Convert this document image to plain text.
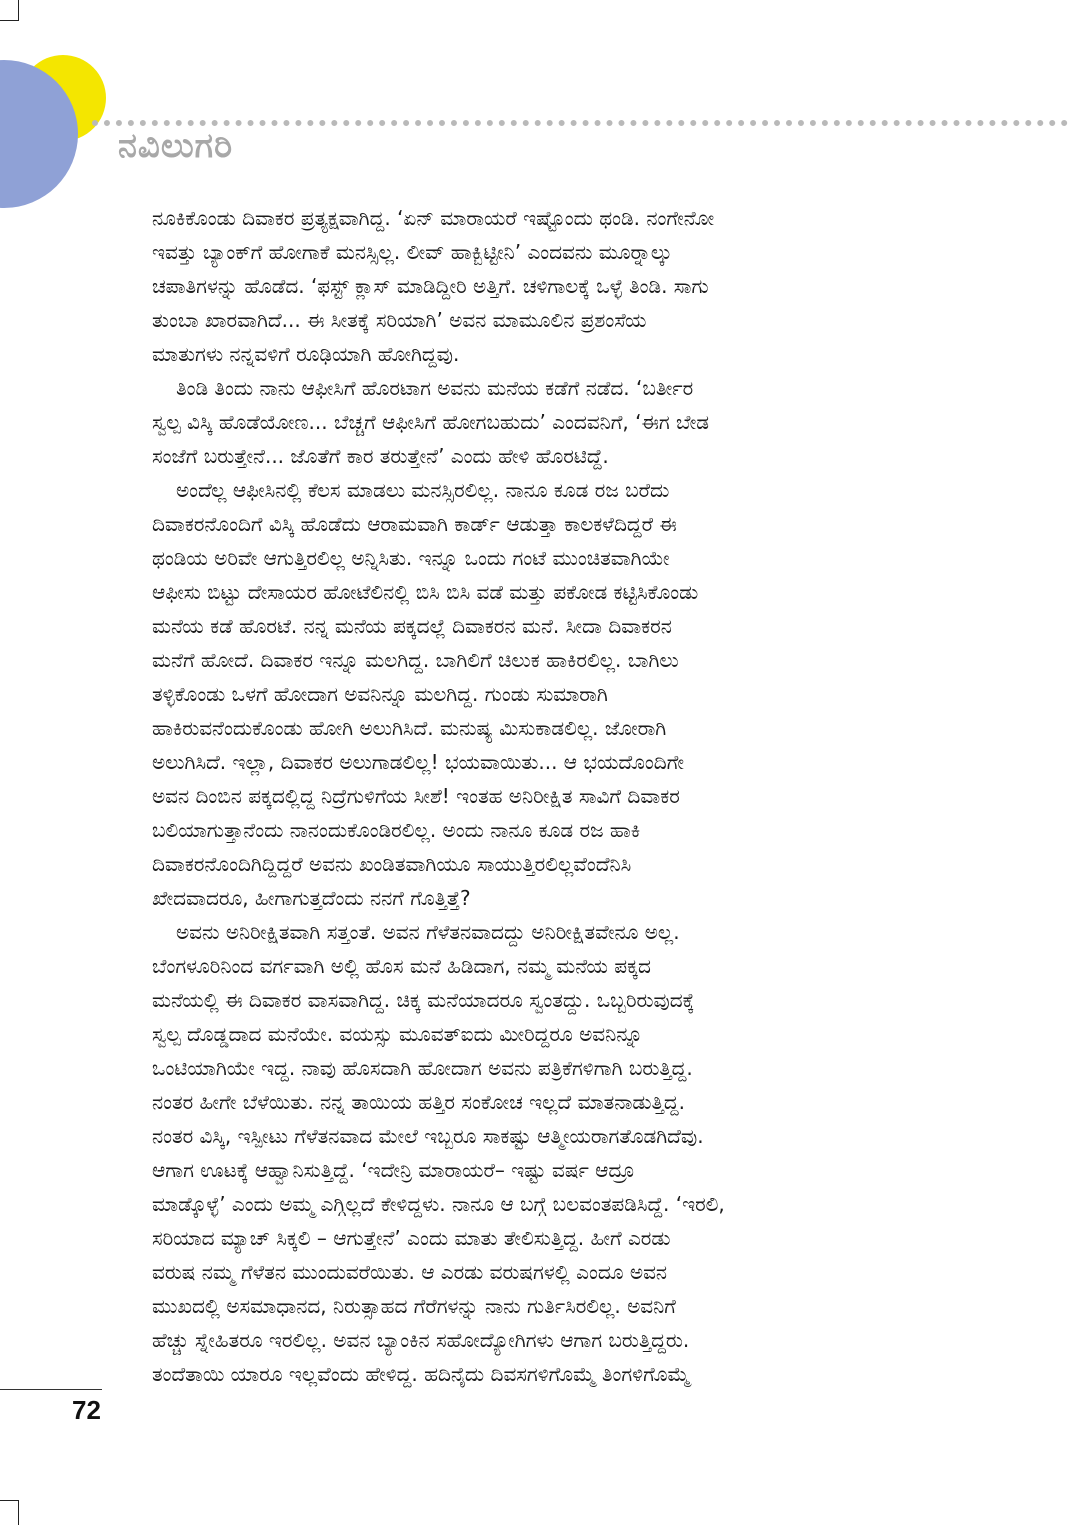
ನವಿಲುಗರಿ
ನೂಕಿಕೊಂಡು ದಿವಾಕರ ಪ್ರತ್ಯಕ್ಷವಾಗಿದ್ದ. ‘ಏನ್ ಮಾರಾಯರೆ ಇಷ್ಟೊಂದು ಥಂಡಿ. ನಂಗೇನೋ
ಇವತ್ತು ಬ್ಯಾಂಕ್‌ಗೆ ಹೋಗಾಕೆ ಮನಸ್ಸಿಲ್ಲ. ಲೀವ್ ಹಾಕ್ಬಿಟ್ಟೀನಿ’ ಎಂದವನು ಮೂರ್‍ನಾಲ್ಕು
ಚಪಾತಿಗಳನ್ನು ಹೊಡೆದ. ‘ಫಸ್ಟ್ ಕ್ಲಾಸ್ ಮಾಡಿದ್ದೀರಿ ಅತ್ತಿಗೆ. ಚಳಿಗಾಲಕ್ಕೆ ಒಳ್ಳೆ ತಿಂಡಿ. ಸಾಗು
ತುಂಬಾ ಖಾರವಾಗಿದೆ... ಈ ಸೀತಕ್ಕೆ ಸರಿಯಾಗಿ’ ಅವನ ಮಾಮೂಲಿನ ಪ್ರಶಂಸೆಯ
ಮಾತುಗಳು ನನ್ನವಳಿಗೆ ರೂಢಿಯಾಗಿ ಹೋಗಿದ್ದವು.
ತಿಂಡಿ ತಿಂದು ನಾನು ಆಫೀಸಿಗೆ ಹೊರಟಾಗ ಅವನು ಮನೆಯ ಕಡೆಗೆ ನಡೆದ. ‘ಬರ್ತೀರ
ಸ್ವಲ್ಪ ವಿಸ್ಕಿ ಹೊಡೆಯೋಣ... ಬೆಚ್ಚಗೆ ಆಫೀಸಿಗೆ ಹೋಗಬಹುದು’ ಎಂದವನಿಗೆ, ‘ಈಗ ಬೇಡ
ಸಂಜೆಗೆ ಬರುತ್ತೇನೆ... ಜೊತೆಗೆ ಕಾರ ತರುತ್ತೇನೆ’ ಎಂದು ಹೇಳಿ ಹೊರಟಿದ್ದೆ.
ಅಂದೆಲ್ಲ ಆಫೀಸಿನಲ್ಲಿ ಕೆಲಸ ಮಾಡಲು ಮನಸ್ಸಿರಲಿಲ್ಲ. ನಾನೂ ಕೂಡ ರಜ ಬರೆದು
ದಿವಾಕರನೊಂದಿಗೆ ವಿಸ್ಕಿ ಹೊಡೆದು ಆರಾಮವಾಗಿ ಕಾರ್ಡ್ ಆಡುತ್ತಾ ಕಾಲಕಳೆದಿದ್ದರೆ ಈ
ಥಂಡಿಯ ಅರಿವೇ ಆಗುತ್ತಿರಲಿಲ್ಲ ಅನ್ನಿಸಿತು. ಇನ್ನೂ ಒಂದು ಗಂಟೆ ಮುಂಚಿತವಾಗಿಯೇ
ಆಫೀಸು ಬಿಟ್ಟು ದೇಸಾಯರ ಹೋಟೆಲಿನಲ್ಲಿ ಬಿಸಿ ಬಿಸಿ ವಡೆ ಮತ್ತು ಪಕೋಡ ಕಟ್ಟಿಸಿಕೊಂಡು
ಮನೆಯ ಕಡೆ ಹೊರಟೆ. ನನ್ನ ಮನೆಯ ಪಕ್ಕದಲ್ಲೆ ದಿವಾಕರನ ಮನೆ. ಸೀದಾ ದಿವಾಕರನ
ಮನೆಗೆ ಹೋದೆ. ದಿವಾಕರ ಇನ್ನೂ ಮಲಗಿದ್ದ. ಬಾಗಿಲಿಗೆ ಚಿಲುಕ ಹಾಕಿರಲಿಲ್ಲ. ಬಾಗಿಲು
ತಳ್ಳಿಕೊಂಡು ಒಳಗೆ ಹೋದಾಗ ಅವನಿನ್ನೂ ಮಲಗಿದ್ದ. ಗುಂಡು ಸುಮಾರಾಗಿ
ಹಾಕಿರುವನೆಂದುಕೊಂಡು ಹೋಗಿ ಅಲುಗಿಸಿದೆ. ಮನುಷ್ಯ ಮಿಸುಕಾಡಲಿಲ್ಲ. ಜೋರಾಗಿ
ಅಲುಗಿಸಿದೆ. ಇಲ್ಲಾ, ದಿವಾಕರ ಅಲುಗಾಡಲಿಲ್ಲ! ಭಯವಾಯಿತು... ಆ ಭಯದೊಂದಿಗೇ
ಅವನ ದಿಂಬಿನ ಪಕ್ಕದಲ್ಲಿದ್ದ ನಿದ್ರೆಗುಳಿಗೆಯ ಸೀಶೆ! ಇಂತಹ ಅನಿರೀಕ್ಷಿತ ಸಾವಿಗೆ ದಿವಾಕರ
ಬಲಿಯಾಗುತ್ತಾನೆಂದು ನಾನಂದುಕೊಂಡಿರಲಿಲ್ಲ. ಅಂದು ನಾನೂ ಕೂಡ ರಜ ಹಾಕಿ
ದಿವಾಕರನೊಂದಿಗಿದ್ದಿದ್ದರೆ ಅವನು ಖಂಡಿತವಾಗಿಯೂ ಸಾಯುತ್ತಿರಲಿಲ್ಲವೆಂದೆನಿಸಿ
ಖೇದವಾದರೂ, ಹೀಗಾಗುತ್ತದೆಂದು ನನಗೆ ಗೊತ್ತಿತ್ತೆ?
ಅವನು ಅನಿರೀಕ್ಷಿತವಾಗಿ ಸತ್ತಂತೆ. ಅವನ ಗೆಳೆತನವಾದದ್ದು ಅನಿರೀಕ್ಷಿತವೇನೂ ಅಲ್ಲ.
ಬೆಂಗಳೂರಿನಿಂದ ವರ್ಗವಾಗಿ ಅಲ್ಲಿ ಹೊಸ ಮನೆ ಹಿಡಿದಾಗ, ನಮ್ಮ ಮನೆಯ ಪಕ್ಕದ
ಮನೆಯಲ್ಲಿ ಈ ದಿವಾಕರ ವಾಸವಾಗಿದ್ದ. ಚಿಕ್ಕ ಮನೆಯಾದರೂ ಸ್ವಂತದ್ದು. ಒಬ್ಬರಿರುವುದಕ್ಕೆ
ಸ್ವಲ್ಪ ದೊಡ್ಡದಾದ ಮನೆಯೇ. ವಯಸ್ಸು ಮೂವತ್‌ಐದು ಮೀರಿದ್ದರೂ ಅವನಿನ್ನೂ
ಒಂಟಿಯಾಗಿಯೇ ಇದ್ದ. ನಾವು ಹೊಸದಾಗಿ ಹೋದಾಗ ಅವನು ಪತ್ರಿಕೆಗಳಿಗಾಗಿ ಬರುತ್ತಿದ್ದ.
ನಂತರ ಹೀಗೇ ಬೆಳೆಯಿತು. ನನ್ನ ತಾಯಿಯ ಹತ್ತಿರ ಸಂಕೋಚ ಇಲ್ಲದೆ ಮಾತನಾಡುತ್ತಿದ್ದ.
ನಂತರ ವಿಸ್ಕಿ, ಇಸ್ಪೀಟು ಗೆಳೆತನವಾದ ಮೇಲೆ ಇಬ್ಬರೂ ಸಾಕಷ್ಟು ಆತ್ಮೀಯರಾಗತೊಡಗಿದೆವು.
ಆಗಾಗ ಊಟಕ್ಕೆ ಆಹ್ವಾನಿಸುತ್ತಿದ್ದೆ. ‘ಇದೇನ್ರಿ ಮಾರಾಯರೆ– ಇಷ್ಟು ವರ್ಷ ಆದ್ರೂ
ಮಾಡ್ಕೊಳ್ಳೆ’ ಎಂದು ಅಮ್ಮ ಎಗ್ಗಿಲ್ಲದೆ ಕೇಳಿದ್ದಳು. ನಾನೂ ಆ ಬಗ್ಗೆ ಬಲವಂತಪಡಿಸಿದ್ದೆ. ‘ಇರಲಿ,
ಸರಿಯಾದ ಮ್ಯಾಚ್ ಸಿಕ್ಕಲಿ – ಆಗುತ್ತೇನೆ’ ಎಂದು ಮಾತು ತೇಲಿಸುತ್ತಿದ್ದ. ಹೀಗೆ ಎರಡು
ವರುಷ ನಮ್ಮ ಗೆಳೆತನ ಮುಂದುವರೆಯಿತು. ಆ ಎರಡು ವರುಷಗಳಲ್ಲಿ ಎಂದೂ ಅವನ
ಮುಖದಲ್ಲಿ ಅಸಮಾಧಾನದ, ನಿರುತ್ಸಾಹದ ಗೆರೆಗಳನ್ನು ನಾನು ಗುರ್ತಿಸಿರಲಿಲ್ಲ. ಅವನಿಗೆ
ಹೆಚ್ಚು ಸ್ನೇಹಿತರೂ ಇರಲಿಲ್ಲ. ಅವನ ಬ್ಯಾಂಕಿನ ಸಹೋದ್ಯೋಗಿಗಳು ಆಗಾಗ ಬರುತ್ತಿದ್ದರು.
ತಂದೆತಾಯಿ ಯಾರೂ ಇಲ್ಲವೆಂದು ಹೇಳಿದ್ದ. ಹದಿನೈದು ದಿವಸಗಳಿಗೊಮ್ಮೆ ತಿಂಗಳಿಗೊಮ್ಮೆ
72
